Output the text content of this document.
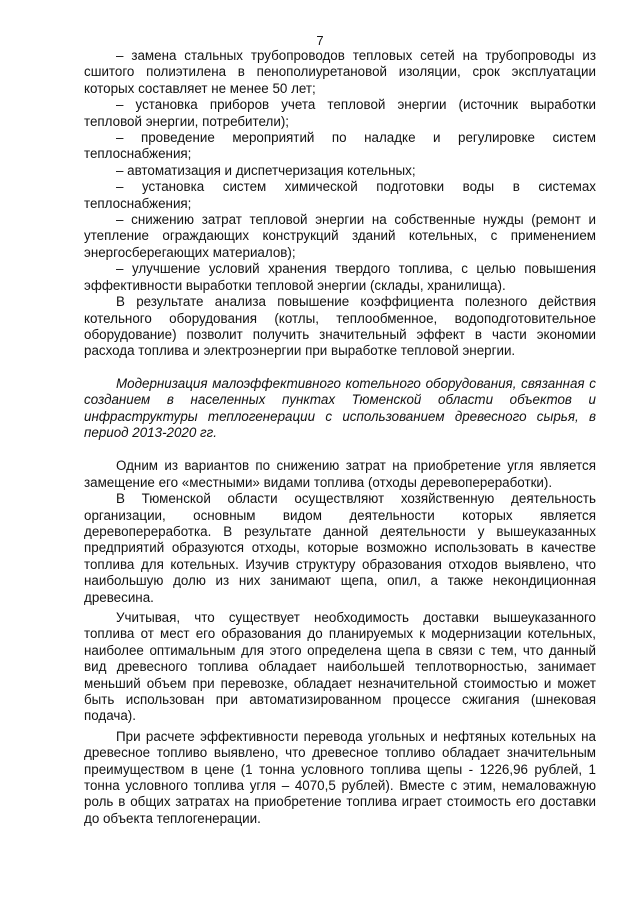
7

– замена стальных трубопроводов тепловых сетей на трубопроводы из сшитого полиэтилена в пенополиуретановой изоляции, срок эксплуатации которых составляет не менее 50 лет;

– установка приборов учета тепловой энергии (источник выработки тепловой энергии, потребители);

– проведение мероприятий по наладке и регулировке систем теплоснабжения;

– автоматизация и диспетчеризация котельных;

– установка систем химической подготовки воды в системах теплоснабжения;

– снижению затрат тепловой энергии на собственные нужды (ремонт и утепление ограждающих конструкций зданий котельных, с применением энергосберегающих материалов);

– улучшение условий хранения твердого топлива, с целью повышения эффективности выработки тепловой энергии (склады, хранилища).

В результате анализа повышение коэффициента полезного действия котельного оборудования (котлы, теплообменное, водоподготовительное оборудование) позволит получить значительный эффект в части экономии расхода топлива и электроэнергии при выработке тепловой энергии.

Модернизация малоэффективного котельного оборудования, связанная с созданием в населенных пунктах Тюменской области объектов и инфраструктуры теплогенерации с использованием древесного сырья, в период 2013-2020 гг.

Одним из вариантов по снижению затрат на приобретение угля является замещение его «местными» видами топлива (отходы деревопереработки).

В Тюменской области осуществляют хозяйственную деятельность организации, основным видом деятельности которых является деревопереработка. В результате данной деятельности у вышеуказанных предприятий образуются отходы, которые возможно использовать в качестве топлива для котельных. Изучив структуру образования отходов выявлено, что наибольшую долю из них занимают щепа, опил, а также некондиционная древесина.

Учитывая, что существует необходимость доставки вышеуказанного топлива от мест его образования до планируемых к модернизации котельных, наиболее оптимальным для этого определена щепа в связи с тем, что данный вид древесного топлива обладает наибольшей теплотворностью, занимает меньший объем при перевозке, обладает незначительной стоимостью и может быть использован при автоматизированном процессе сжигания (шнековая подача).

При расчете эффективности перевода угольных и нефтяных котельных на древесное топливо выявлено, что древесное топливо обладает значительным преимуществом в цене (1 тонна условного топлива щепы - 1226,96 рублей, 1 тонна условного топлива угля – 4070,5 рублей). Вместе с этим, немаловажную роль в общих затратах на приобретение топлива играет стоимость его доставки до объекта теплогенерации.
